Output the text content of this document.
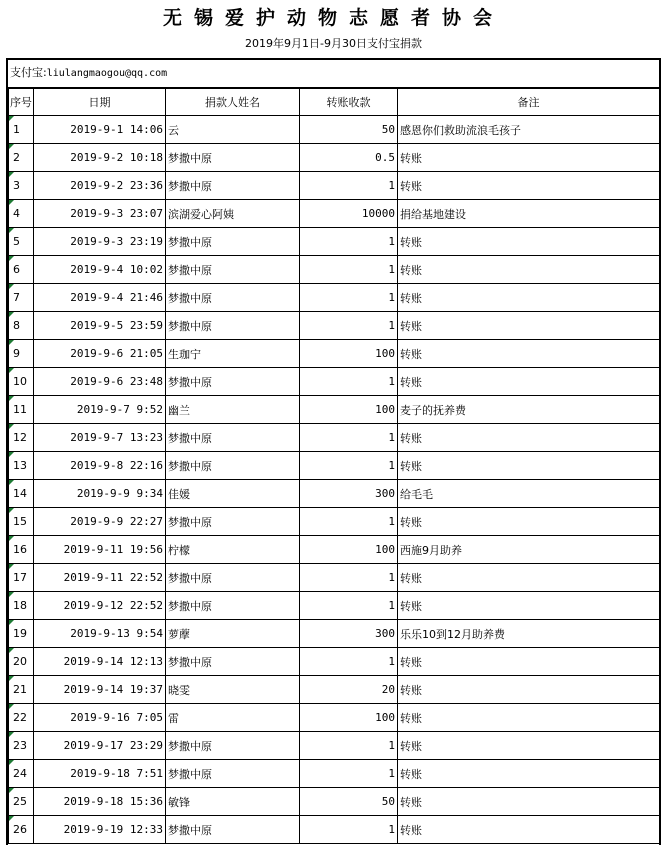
无锡爱护动物志愿者协会
2019年9月1日-9月30日支付宝捐款
支付宝:liulangmaogou@qq.com
序号	日期	捐款人姓名	转账收款	备注
1	2019-9-1 14:06	云	50	感恩你们救助流浪毛孩子
2	2019-9-2 10:18	梦撒中原	0.5	转账
3	2019-9-2 23:36	梦撒中原	1	转账
4	2019-9-3 23:07	滨湖爱心阿姨	10000	捐给基地建设
5	2019-9-3 23:19	梦撒中原	1	转账
6	2019-9-4 10:02	梦撒中原	1	转账
7	2019-9-4 21:46	梦撒中原	1	转账
8	2019-9-5 23:59	梦撒中原	1	转账
9	2019-9-6 21:05	生珈宁	100	转账
10	2019-9-6 23:48	梦撒中原	1	转账
11	2019-9-7 9:52	幽兰	100	麦子的抚养费
12	2019-9-7 13:23	梦撒中原	1	转账
13	2019-9-8 22:16	梦撒中原	1	转账
14	2019-9-9 9:34	佳媛	300	给毛毛
15	2019-9-9 22:27	梦撒中原	1	转账
16	2019-9-11 19:56	柠檬	100	西施9月助养
17	2019-9-11 22:52	梦撒中原	1	转账
18	2019-9-12 22:52	梦撒中原	1	转账
19	2019-9-13 9:54	萝藦	300	乐乐10到12月助养费
20	2019-9-14 12:13	梦撒中原	1	转账
21	2019-9-14 19:37	晓雯	20	转账
22	2019-9-16 7:05	雷	100	转账
23	2019-9-17 23:29	梦撒中原	1	转账
24	2019-9-18 7:51	梦撒中原	1	转账
25	2019-9-18 15:36	敏锋	50	转账
26	2019-9-19 12:33	梦撒中原	1	转账
